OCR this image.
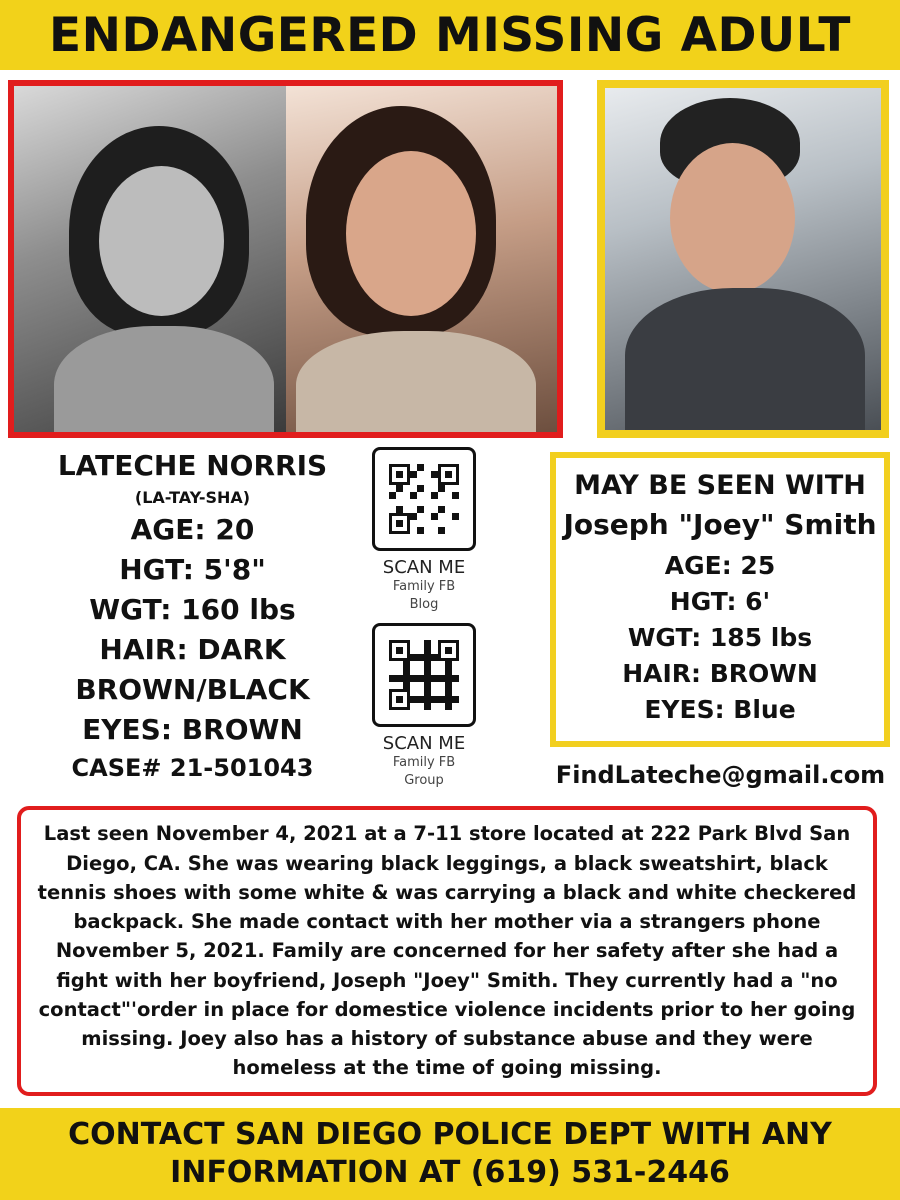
ENDANGERED MISSING ADULT
LATECHE NORRIS
(LA-TAY-SHA)
AGE: 20
HGT: 5'8"
WGT: 160 lbs
HAIR: DARK
BROWN/BLACK
EYES: BROWN
CASE# 21-501043
SCAN ME
Family FB
Blog
SCAN ME
Family FB
Group
MAY BE SEEN WITH
Joseph "Joey" Smith
AGE: 25
HGT: 6'
WGT: 185 lbs
HAIR: BROWN
EYES: Blue
FindLateche@gmail.com

Last seen November 4, 2021 at a 7-11 store located at 222 Park Blvd San Diego, CA. She was wearing black leggings, a black sweatshirt, black tennis shoes with some white & was carrying a black and white checkered backpack. She made contact with her mother via a strangers phone November 5, 2021. Family are concerned for her safety after she had a fight with her boyfriend, Joseph "Joey" Smith. They currently had a "no contact"'order in place for domestice violence incidents prior to her going missing. Joey also has a history of substance abuse and they were homeless at the time of going missing.

CONTACT SAN DIEGO POLICE DEPT WITH ANY
INFORMATION AT (619) 531-2446
